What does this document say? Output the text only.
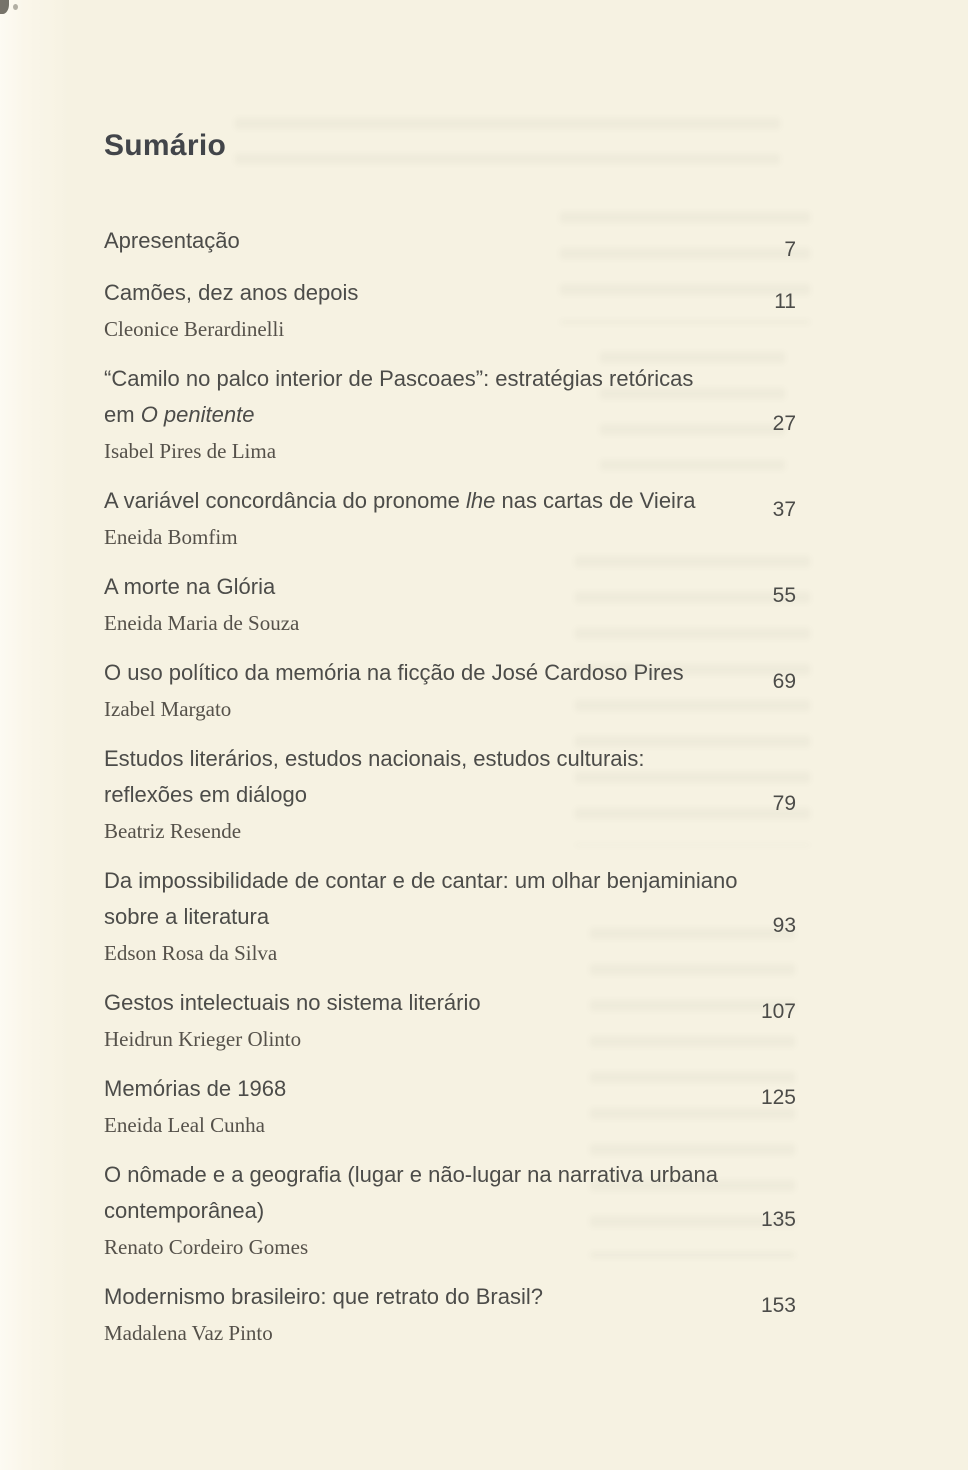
Sumário
Apresentação	7
Camões, dez anos depois	11
Cleonice Berardinelli
“Camilo no palco interior de Pascoaes”: estratégias retóricas
em O penitente	27
Isabel Pires de Lima
A variável concordância do pronome lhe nas cartas de Vieira	37
Eneida Bomfim
A morte na Glória	55
Eneida Maria de Souza
O uso político da memória na ficção de José Cardoso Pires	69
Izabel Margato
Estudos literários, estudos nacionais, estudos culturais:
reflexões em diálogo	79
Beatriz Resende
Da impossibilidade de contar e de cantar: um olhar benjaminiano
sobre a literatura	93
Edson Rosa da Silva
Gestos intelectuais no sistema literário	107
Heidrun Krieger Olinto
Memórias de 1968	125
Eneida Leal Cunha
O nômade e a geografia (lugar e não-lugar na narrativa urbana
contemporânea)	135
Renato Cordeiro Gomes
Modernismo brasileiro: que retrato do Brasil?	153
Madalena Vaz Pinto
